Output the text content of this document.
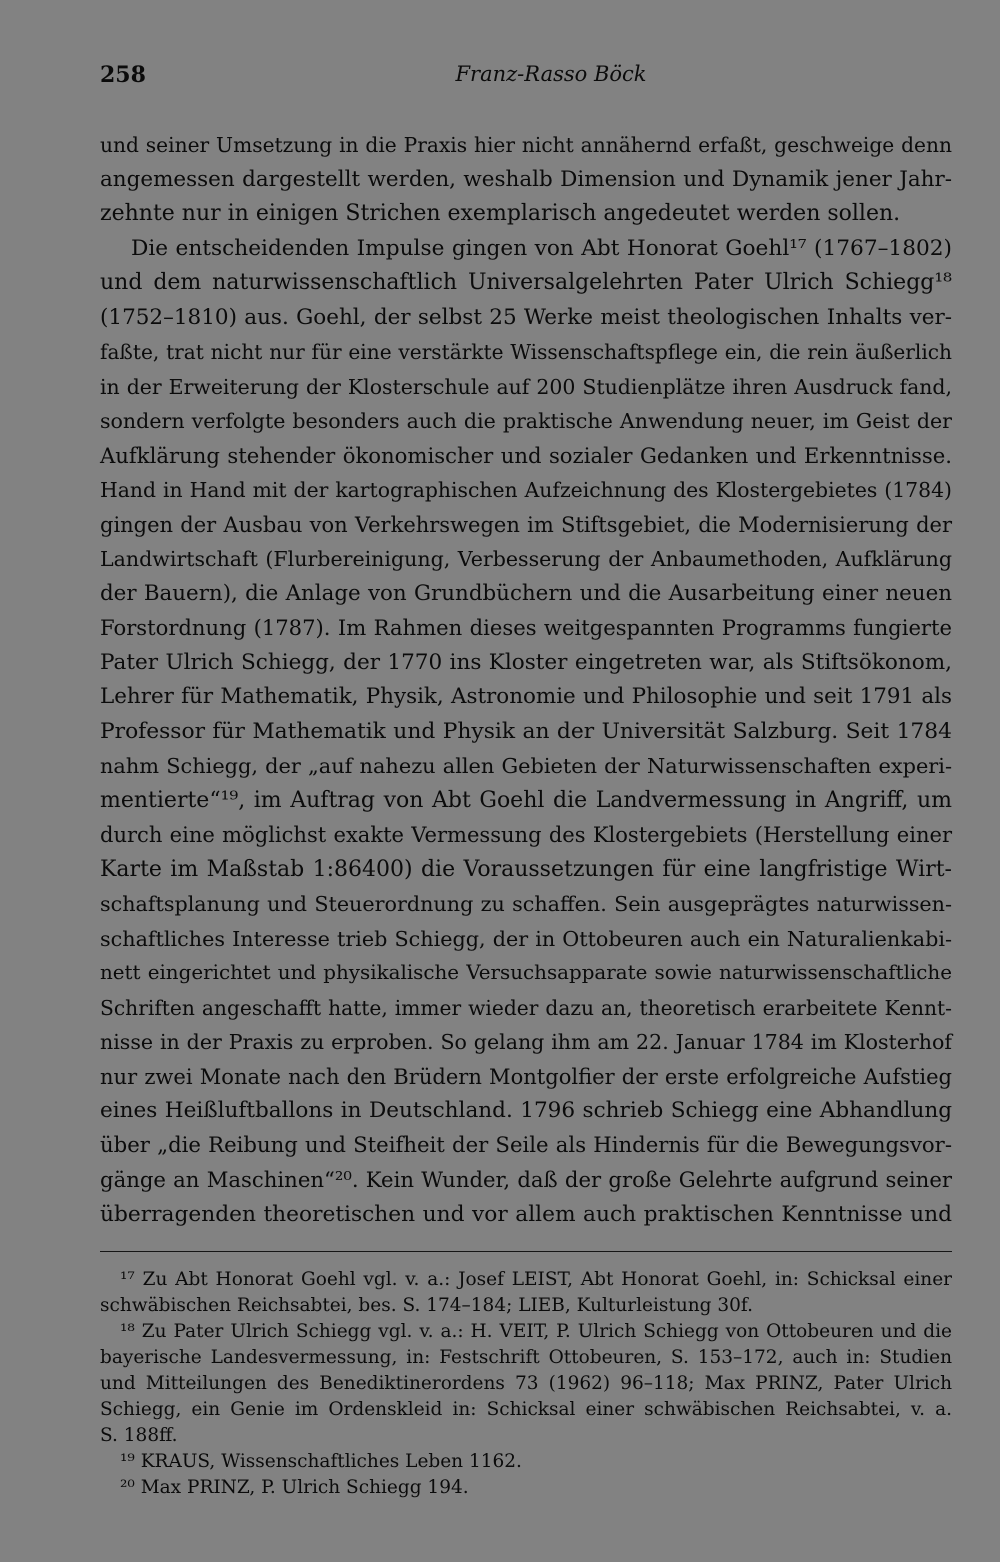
258	Franz-Rasso Böck
und seiner Umsetzung in die Praxis hier nicht annähernd erfaßt, geschweige denn
angemessen dargestellt werden, weshalb Dimension und Dynamik jener Jahr-
zehnte nur in einigen Strichen exemplarisch angedeutet werden sollen.
Die entscheidenden Impulse gingen von Abt Honorat Goehl¹⁷ (1767–1802)
und dem naturwissenschaftlich Universalgelehrten Pater Ulrich Schiegg¹⁸
(1752–1810) aus. Goehl, der selbst 25 Werke meist theologischen Inhalts ver-
faßte, trat nicht nur für eine verstärkte Wissenschaftspflege ein, die rein äußerlich
in der Erweiterung der Klosterschule auf 200 Studienplätze ihren Ausdruck fand,
sondern verfolgte besonders auch die praktische Anwendung neuer, im Geist der
Aufklärung stehender ökonomischer und sozialer Gedanken und Erkenntnisse.
Hand in Hand mit der kartographischen Aufzeichnung des Klostergebietes (1784)
gingen der Ausbau von Verkehrswegen im Stiftsgebiet, die Modernisierung der
Landwirtschaft (Flurbereinigung, Verbesserung der Anbaumethoden, Aufklärung
der Bauern), die Anlage von Grundbüchern und die Ausarbeitung einer neuen
Forstordnung (1787). Im Rahmen dieses weitgespannten Programms fungierte
Pater Ulrich Schiegg, der 1770 ins Kloster eingetreten war, als Stiftsökonom,
Lehrer für Mathematik, Physik, Astronomie und Philosophie und seit 1791 als
Professor für Mathematik und Physik an der Universität Salzburg. Seit 1784
nahm Schiegg, der „auf nahezu allen Gebieten der Naturwissenschaften experi-
mentierte“¹⁹, im Auftrag von Abt Goehl die Landvermessung in Angriff, um
durch eine möglichst exakte Vermessung des Klostergebiets (Herstellung einer
Karte im Maßstab 1:86400) die Voraussetzungen für eine langfristige Wirt-
schaftsplanung und Steuerordnung zu schaffen. Sein ausgeprägtes naturwissen-
schaftliches Interesse trieb Schiegg, der in Ottobeuren auch ein Naturalienkabi-
nett eingerichtet und physikalische Versuchsapparate sowie naturwissenschaftliche
Schriften angeschafft hatte, immer wieder dazu an, theoretisch erarbeitete Kennt-
nisse in der Praxis zu erproben. So gelang ihm am 22. Januar 1784 im Klosterhof
nur zwei Monate nach den Brüdern Montgolfier der erste erfolgreiche Aufstieg
eines Heißluftballons in Deutschland. 1796 schrieb Schiegg eine Abhandlung
über „die Reibung und Steifheit der Seile als Hindernis für die Bewegungsvor-
gänge an Maschinen“²⁰. Kein Wunder, daß der große Gelehrte aufgrund seiner
überragenden theoretischen und vor allem auch praktischen Kenntnisse und
¹⁷ Zu Abt Honorat Goehl vgl. v. a.: Josef LEIST, Abt Honorat Goehl, in: Schicksal einer
schwäbischen Reichsabtei, bes. S. 174–184; LIEB, Kulturleistung 30f.
¹⁸ Zu Pater Ulrich Schiegg vgl. v. a.: H. VEIT, P. Ulrich Schiegg von Ottobeuren und die
bayerische Landesvermessung, in: Festschrift Ottobeuren, S. 153–172, auch in: Studien
und Mitteilungen des Benediktinerordens 73 (1962) 96–118; Max PRINZ, Pater Ulrich
Schiegg, ein Genie im Ordenskleid in: Schicksal einer schwäbischen Reichsabtei, v. a.
S. 188ff.
¹⁹ KRAUS, Wissenschaftliches Leben 1162.
²⁰ Max PRINZ, P. Ulrich Schiegg 194.
